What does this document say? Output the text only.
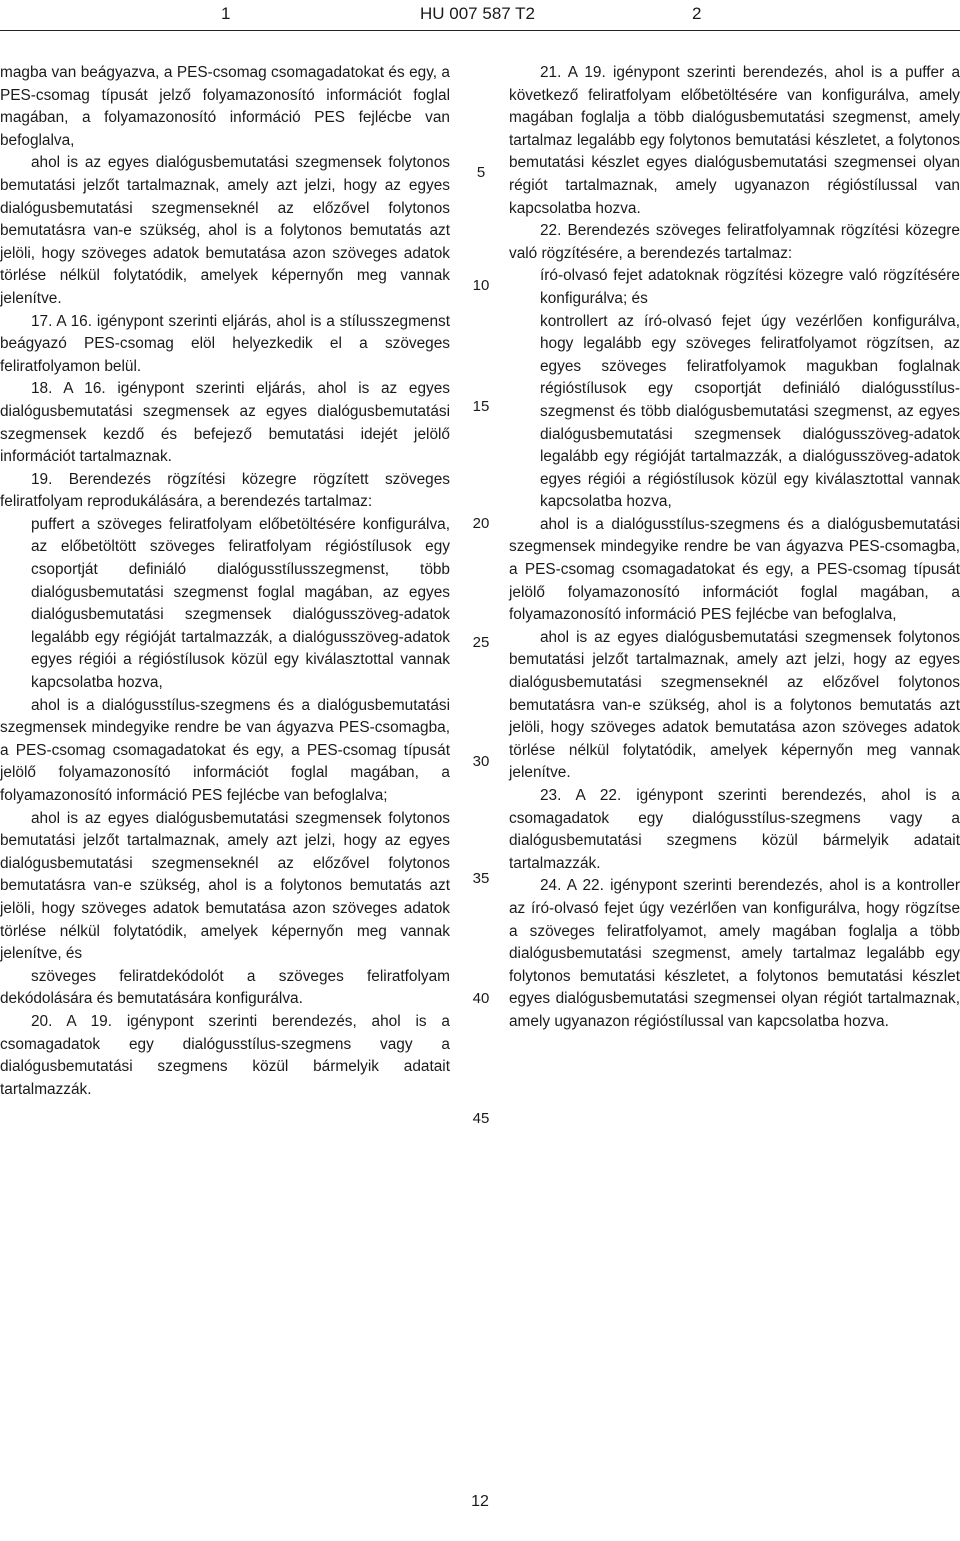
1	HU 007 587 T2	2

magba van beágyazva, a PES-csomag csomagadatokat és egy, a PES-csomag típusát jelző folyamazonosító információt foglal magában, a folyamazonosító információ PES fejlécbe van befoglalva,

ahol is az egyes dialógusbemutatási szegmensek folytonos bemutatási jelzőt tartalmaznak, amely azt jelzi, hogy az egyes dialógusbemutatási szegmenseknél az előzővel folytonos bemutatásra van-e szükség, ahol is a folytonos bemutatás azt jelöli, hogy szöveges adatok bemutatása azon szöveges adatok törlése nélkül folytatódik, amelyek képernyőn meg vannak jelenítve.

17. A 16. igénypont szerinti eljárás, ahol is a stílusszegmenst beágyazó PES-csomag elöl helyezkedik el a szöveges feliratfolyamon belül.

18. A 16. igénypont szerinti eljárás, ahol is az egyes dialógusbemutatási szegmensek az egyes dialógusbemutatási szegmensek kezdő és befejező bemutatási idejét jelölő információt tartalmaznak.

19. Berendezés rögzítési közegre rögzített szöveges feliratfolyam reprodukálására, a berendezés tartalmaz:

puffert a szöveges feliratfolyam előbetöltésére konfigurálva, az előbetöltött szöveges feliratfolyam régióstílusok egy csoportját definiáló dialógusstílusszegmenst, több dialógusbemutatási szegmenst foglal magában, az egyes dialógusbemutatási szegmensek dialógusszöveg-adatok legalább egy régióját tartalmazzák, a dialógusszöveg-adatok egyes régiói a régióstílusok közül egy kiválasztottal vannak kapcsolatba hozva,

ahol is a dialógusstílus-szegmens és a dialógusbemutatási szegmensek mindegyike rendre be van ágyazva PES-csomagba, a PES-csomag csomagadatokat és egy, a PES-csomag típusát jelölő folyamazonosító információt foglal magában, a folyamazonosító információ PES fejlécbe van befoglalva;

ahol is az egyes dialógusbemutatási szegmensek folytonos bemutatási jelzőt tartalmaznak, amely azt jelzi, hogy az egyes dialógusbemutatási szegmenseknél az előzővel folytonos bemutatásra van-e szükség, ahol is a folytonos bemutatás azt jelöli, hogy szöveges adatok bemutatása azon szöveges adatok törlése nélkül folytatódik, amelyek képernyőn meg vannak jelenítve, és

szöveges feliratdekódolót a szöveges feliratfolyam dekódolására és bemutatására konfigurálva.

20. A 19. igénypont szerinti berendezés, ahol is a csomagadatok egy dialógusstílus-szegmens vagy a dialógusbemutatási szegmens közül bármelyik adatait tartalmazzák.

5
10
15
20
25
30
35
40
45

21. A 19. igénypont szerinti berendezés, ahol is a puffer a következő feliratfolyam előbetöltésére van konfigurálva, amely magában foglalja a több dialógusbemutatási szegmenst, amely tartalmaz legalább egy folytonos bemutatási készletet, a folytonos bemutatási készlet egyes dialógusbemutatási szegmensei olyan régiót tartalmaznak, amely ugyanazon régióstílussal van kapcsolatba hozva.

22. Berendezés szöveges feliratfolyamnak rögzítési közegre való rögzítésére, a berendezés tartalmaz:

író-olvasó fejet adatoknak rögzítési közegre való rögzítésére konfigurálva; és

kontrollert az író-olvasó fejet úgy vezérlően konfigurálva, hogy legalább egy szöveges feliratfolyamot rögzítsen, az egyes szöveges feliratfolyamok magukban foglalnak régióstílusok egy csoportját definiáló dialógusstílus-szegmenst és több dialógusbemutatási szegmenst, az egyes dialógusbemutatási szegmensek dialógusszöveg-adatok legalább egy régióját tartalmazzák, a dialógusszöveg-adatok egyes régiói a régióstílusok közül egy kiválasztottal vannak kapcsolatba hozva,

ahol is a dialógusstílus-szegmens és a dialógusbemutatási szegmensek mindegyike rendre be van ágyazva PES-csomagba, a PES-csomag csomagadatokat és egy, a PES-csomag típusát jelölő folyamazonosító információt foglal magában, a folyamazonosító információ PES fejlécbe van befoglalva,

ahol is az egyes dialógusbemutatási szegmensek folytonos bemutatási jelzőt tartalmaznak, amely azt jelzi, hogy az egyes dialógusbemutatási szegmenseknél az előzővel folytonos bemutatásra van-e szükség, ahol is a folytonos bemutatás azt jelöli, hogy szöveges adatok bemutatása azon szöveges adatok törlése nélkül folytatódik, amelyek képernyőn meg vannak jelenítve.

23. A 22. igénypont szerinti berendezés, ahol is a csomagadatok egy dialógusstílus-szegmens vagy a dialógusbemutatási szegmens közül bármelyik adatait tartalmazzák.

24. A 22. igénypont szerinti berendezés, ahol is a kontroller az író-olvasó fejet úgy vezérlően van konfigurálva, hogy rögzítse a szöveges feliratfolyamot, amely magában foglalja a több dialógusbemutatási szegmenst, amely tartalmaz legalább egy folytonos bemutatási készletet, a folytonos bemutatási készlet egyes dialógusbemutatási szegmensei olyan régiót tartalmaznak, amely ugyanazon régióstílussal van kapcsolatba hozva.

12
